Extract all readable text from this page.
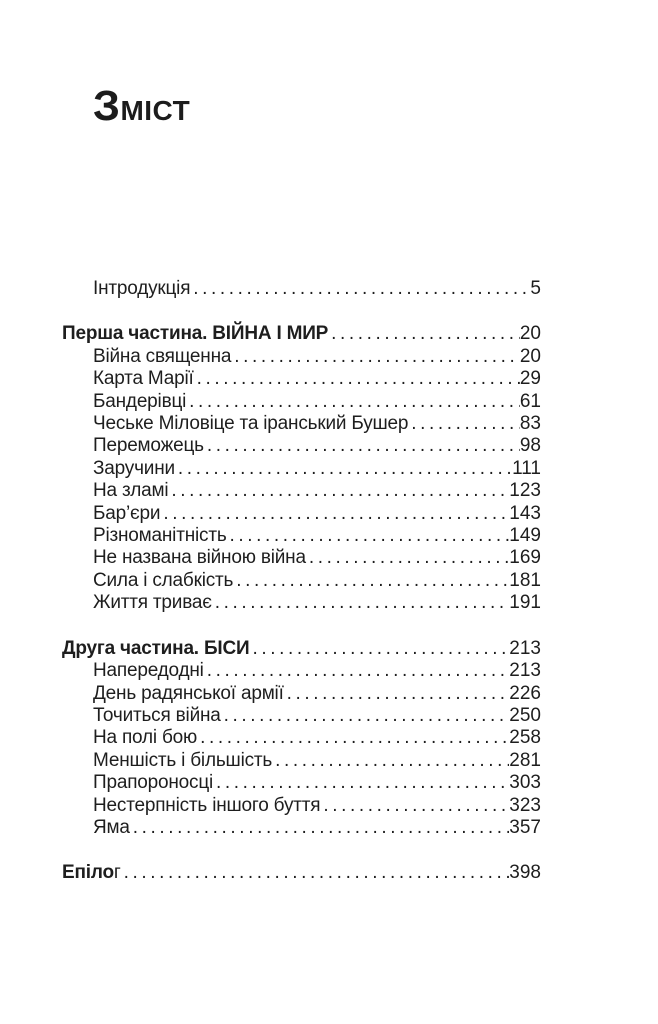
ЗМІСТ
Інтродукція .....	5
Перша частина. ВІЙНА І МИР .....	20
Війна священна .....	20
Карта Марії .....	29
Бандерівці .....	61
Чеське Міловіце та іранський Бушер .....	83
Переможець .....	98
Заручини .....	111
На зламі .....	123
Бар’єри .....	143
Різноманітність .....	149
Не названа війною війна .....	169
Сила і слабкість .....	181
Життя триває .....	191
Друга частина. БІСИ .....	213
Напередодні .....	213
День радянської армії .....	226
Точиться війна .....	250
На полі бою .....	258
Меншість і більшість .....	281
Прапороносці .....	303
Нестерпність іншого буття .....	323
Яма .....	357
Епілог .....	398
